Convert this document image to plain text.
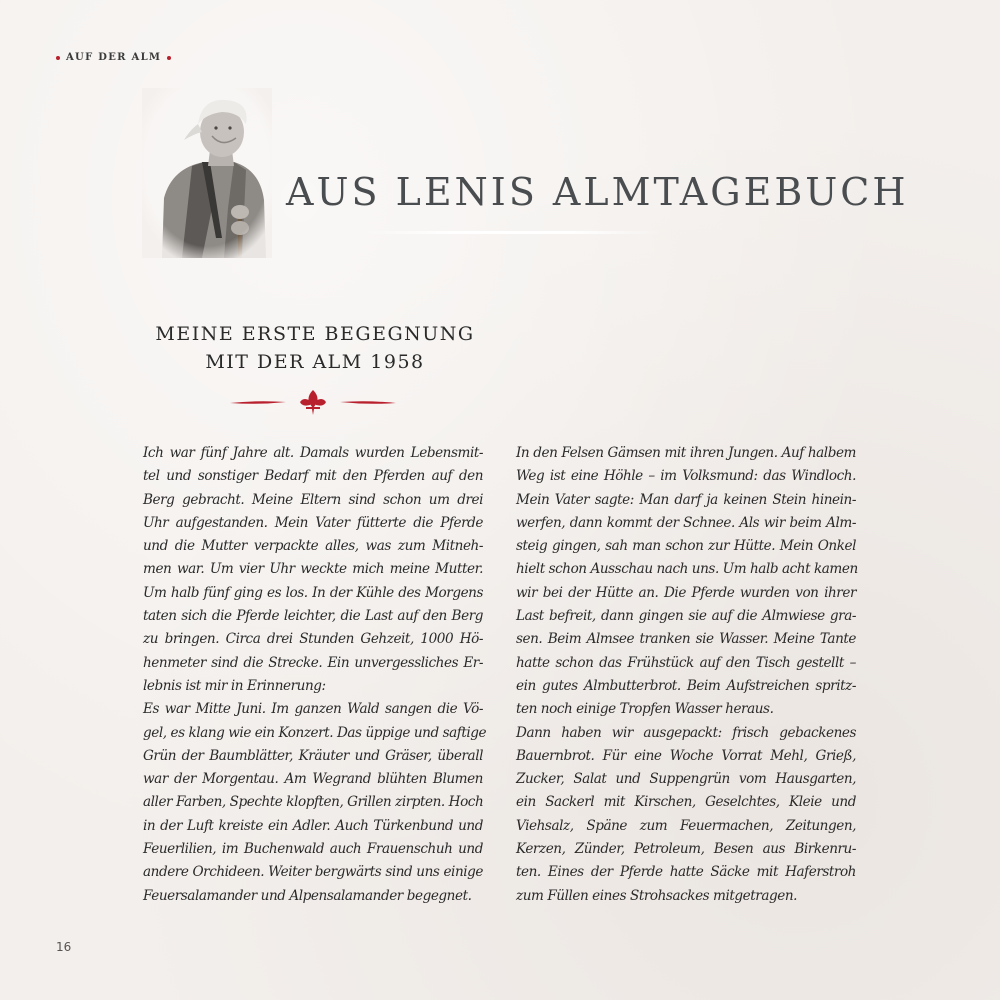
AUF DER ALM
AUS LENIS ALMTAGEBUCH
MEINE ERSTE BEGEGNUNG
MIT DER ALM 1958
Ich war fünf Jahre alt. Damals wurden Lebensmit-
tel und sonstiger Bedarf mit den Pferden auf den
Berg gebracht. Meine Eltern sind schon um drei
Uhr aufgestanden. Mein Vater fütterte die Pferde
und die Mutter verpackte alles, was zum Mitneh-
men war. Um vier Uhr weckte mich meine Mutter.
Um halb fünf ging es los. In der Kühle des Morgens
taten sich die Pferde leichter, die Last auf den Berg
zu bringen. Circa drei Stunden Gehzeit, 1000 Hö-
henmeter sind die Strecke. Ein unvergessliches Er-
lebnis ist mir in Erinnerung:
Es war Mitte Juni. Im ganzen Wald sangen die Vö-
gel, es klang wie ein Konzert. Das üppige und saftige
Grün der Baumblätter, Kräuter und Gräser, überall
war der Morgentau. Am Wegrand blühten Blumen
aller Farben, Spechte klopften, Grillen zirpten. Hoch
in der Luft kreiste ein Adler. Auch Türkenbund und
Feuerlilien, im Buchenwald auch Frauenschuh und
andere Orchideen. Weiter bergwärts sind uns einige
Feuersalamander und Alpensalamander begegnet.
In den Felsen Gämsen mit ihren Jungen. Auf halbem
Weg ist eine Höhle – im Volksmund: das Windloch.
Mein Vater sagte: Man darf ja keinen Stein hinein-
werfen, dann kommt der Schnee. Als wir beim Alm-
steig gingen, sah man schon zur Hütte. Mein Onkel
hielt schon Ausschau nach uns. Um halb acht kamen
wir bei der Hütte an. Die Pferde wurden von ihrer
Last befreit, dann gingen sie auf die Almwiese gra-
sen. Beim Almsee tranken sie Wasser. Meine Tante
hatte schon das Frühstück auf den Tisch gestellt –
ein gutes Almbutterbrot. Beim Aufstreichen spritz-
ten noch einige Tropfen Wasser heraus.
Dann haben wir ausgepackt: frisch gebackenes
Bauernbrot. Für eine Woche Vorrat Mehl, Grieß,
Zucker, Salat und Suppengrün vom Hausgarten,
ein Sackerl mit Kirschen, Geselchtes, Kleie und
Viehsalz, Späne zum Feuermachen, Zeitungen,
Kerzen, Zünder, Petroleum, Besen aus Birkenru-
ten. Eines der Pferde hatte Säcke mit Haferstroh
zum Füllen eines Strohsackes mitgetragen.
16
